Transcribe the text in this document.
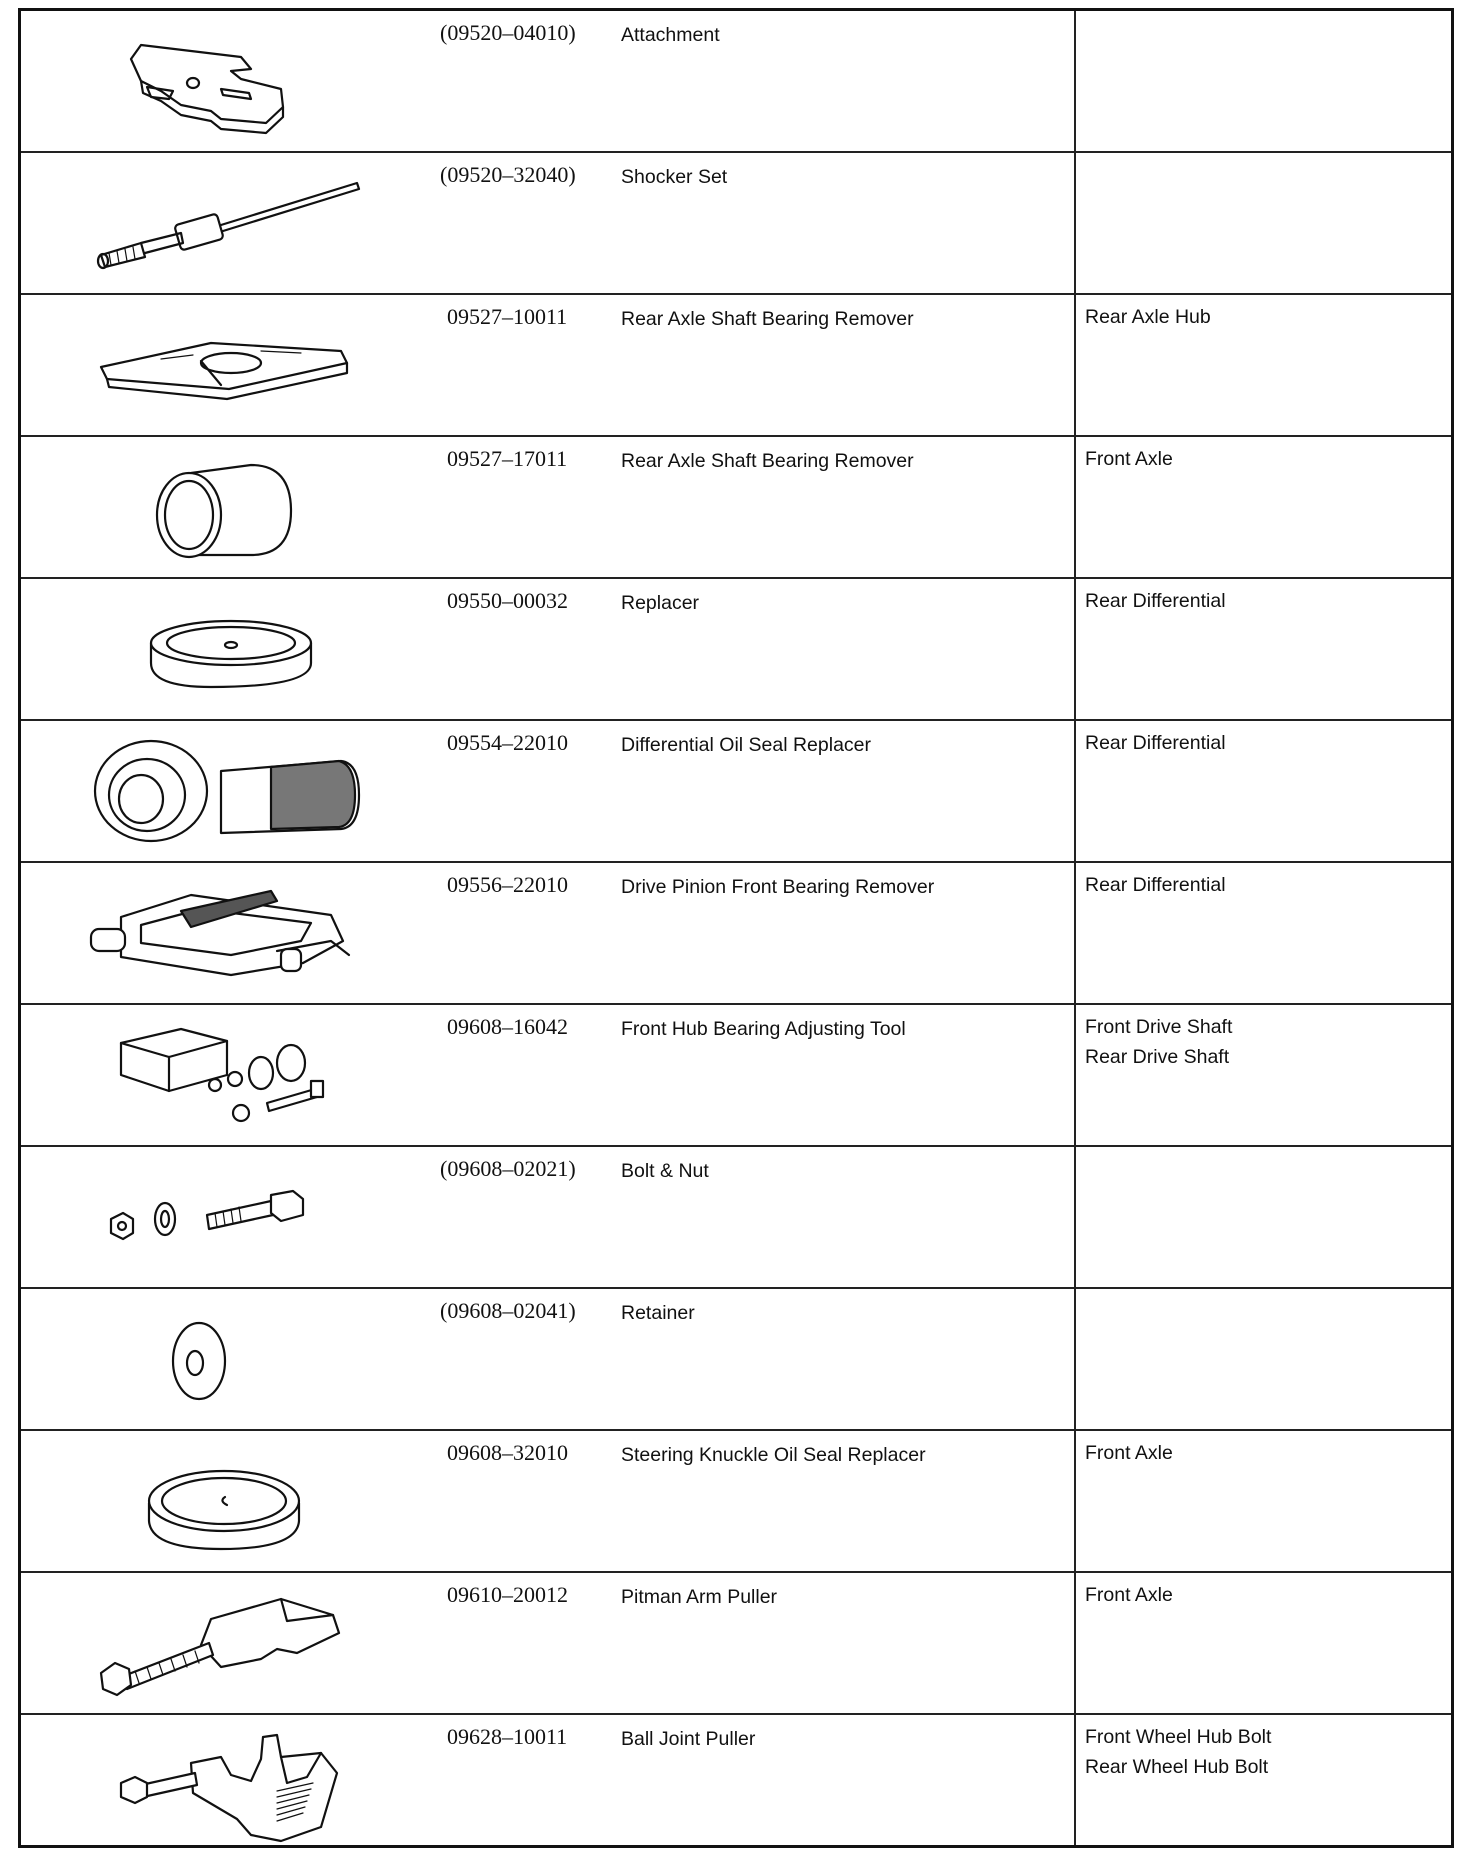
(09520–04010)	Attachment
(09520–32040)	Shocker Set
09527–10011	Rear Axle Shaft Bearing Remover	Rear Axle Hub
09527–17011	Rear Axle Shaft Bearing Remover	Front Axle
09550–00032	Replacer	Rear Differential
09554–22010	Differential Oil Seal Replacer	Rear Differential
09556–22010	Drive Pinion Front Bearing Remover	Rear Differential
09608–16042	Front Hub Bearing Adjusting Tool	Front Drive Shaft
Rear Drive Shaft
(09608–02021)	Bolt & Nut
(09608–02041)	Retainer
09608–32010	Steering Knuckle Oil Seal Replacer	Front Axle
09610–20012	Pitman Arm Puller	Front Axle
09628–10011	Ball Joint Puller	Front Wheel Hub Bolt
Rear Wheel Hub Bolt
